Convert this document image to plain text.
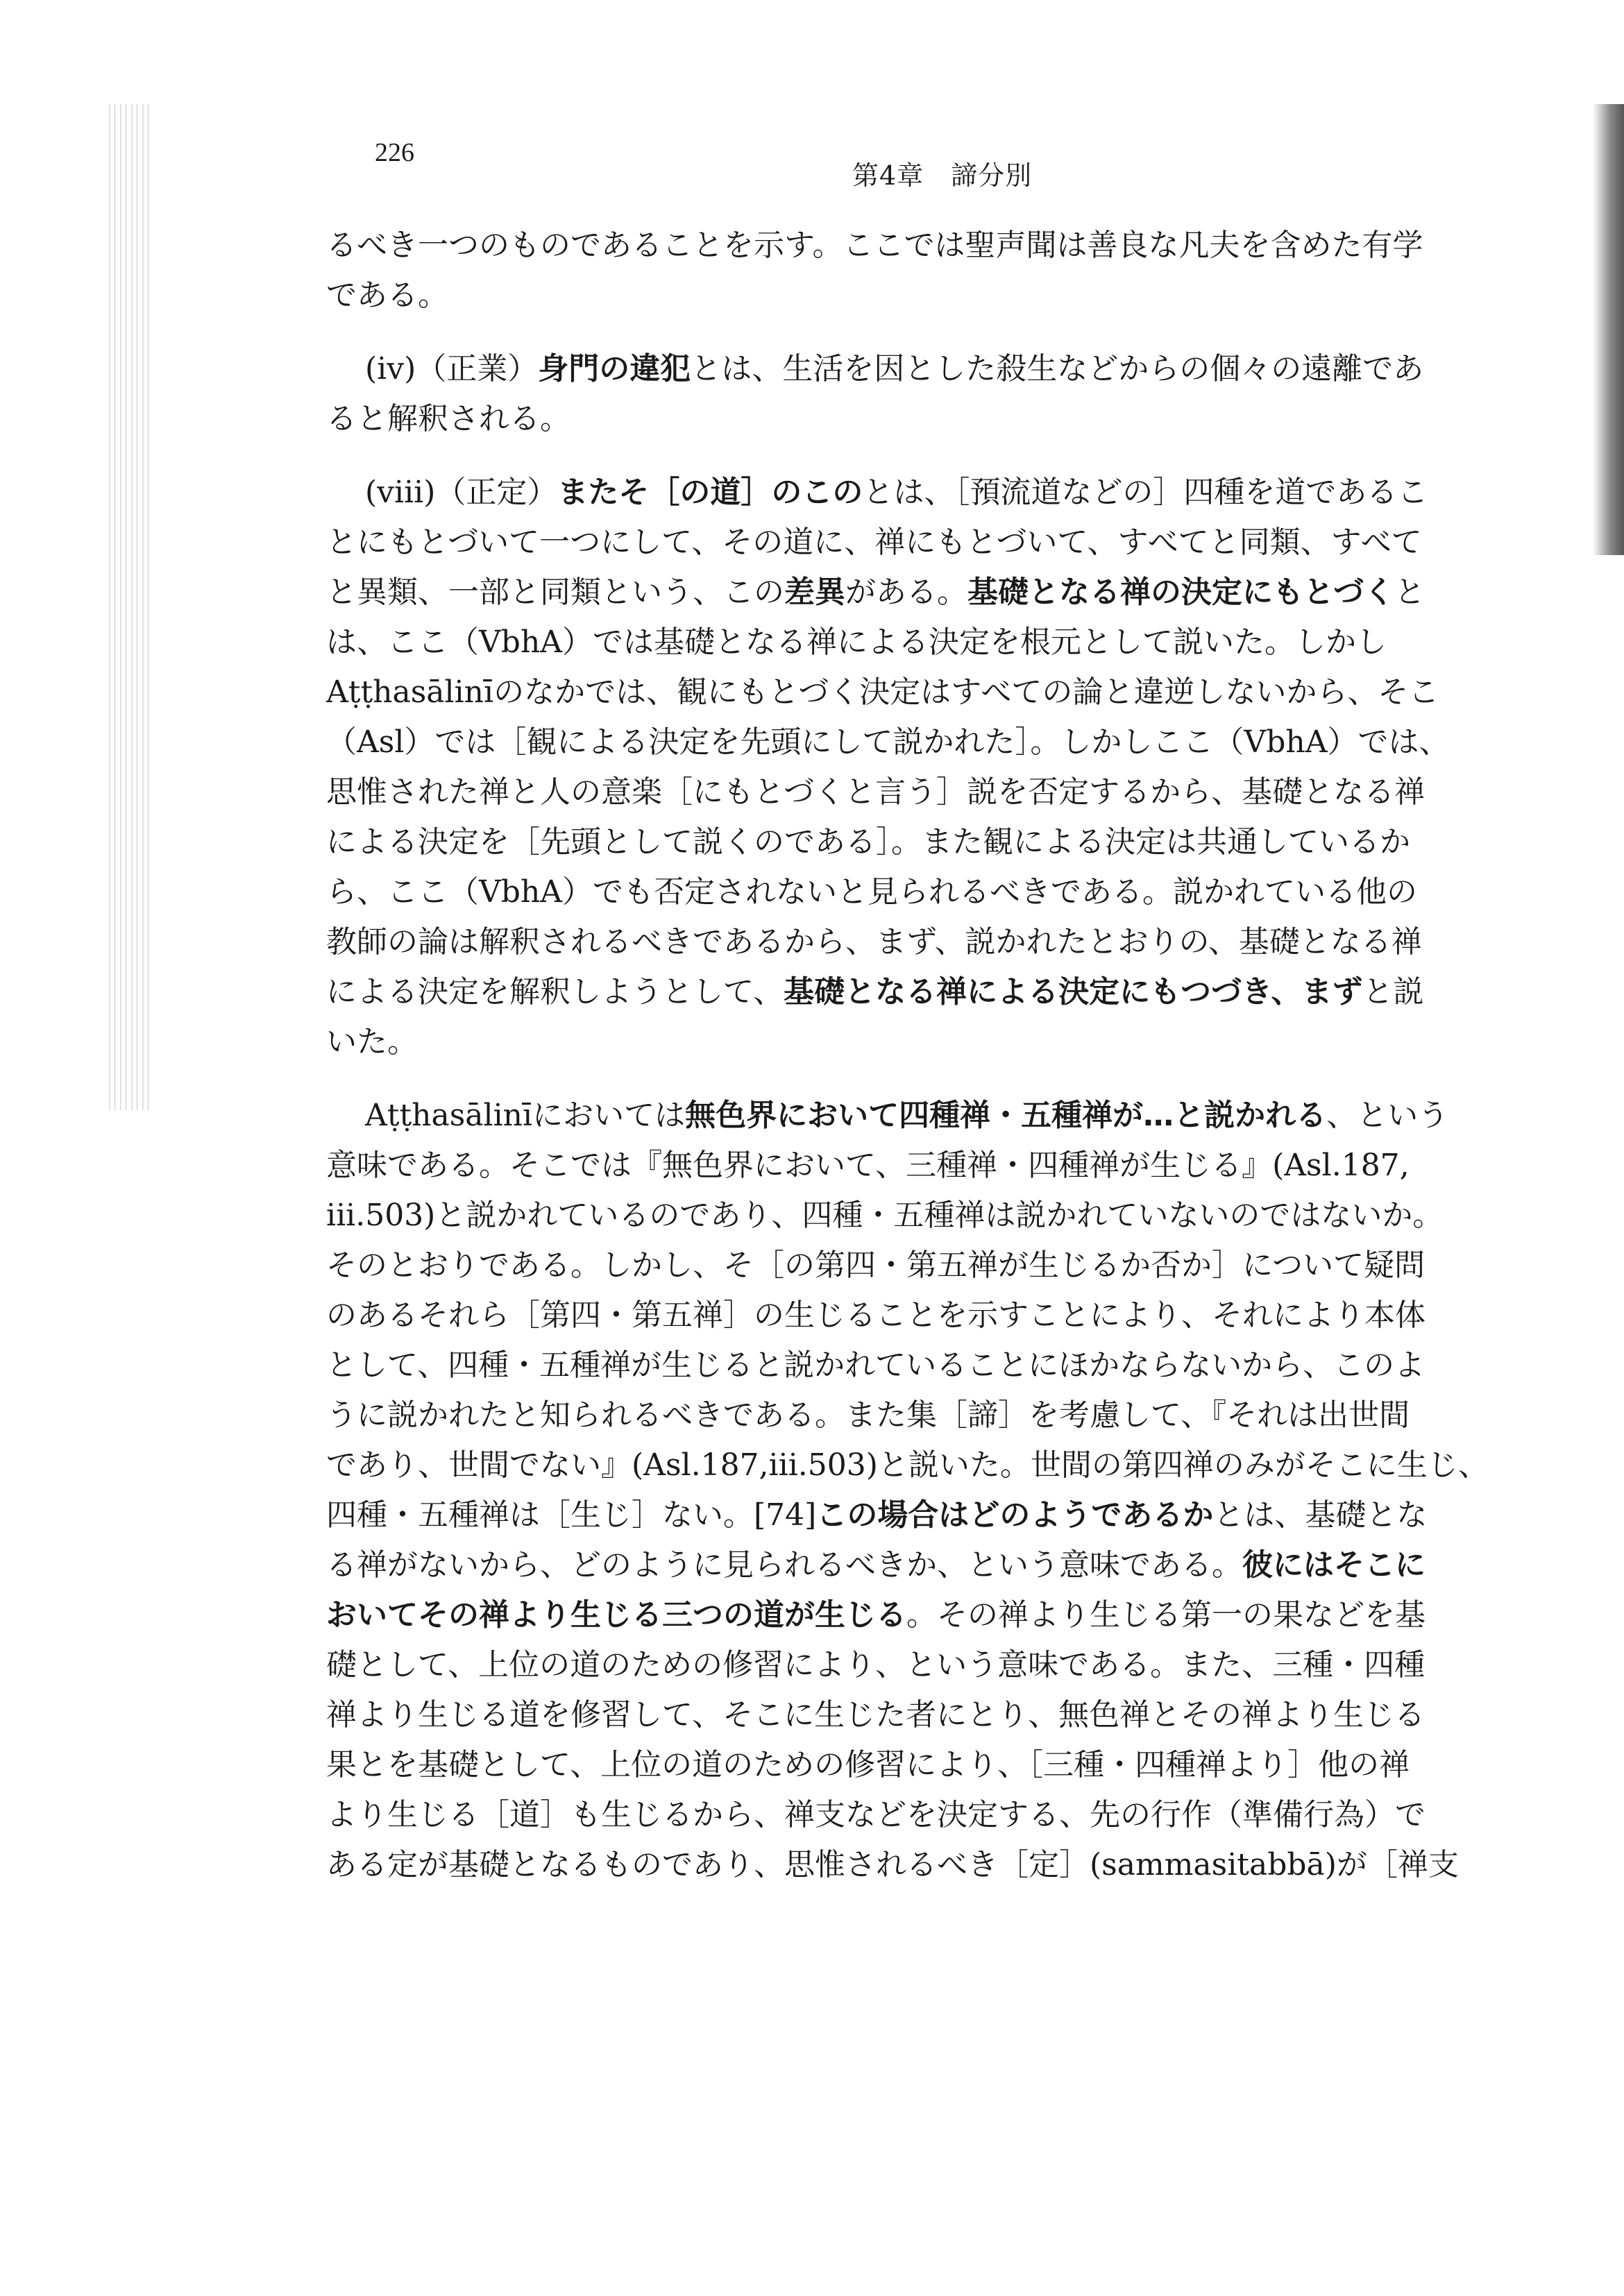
226
第4章　諦分別
るべき一つのものであることを示す。ここでは聖声聞は善良な凡夫を含めた有学
である。
(iv)（正業）身門の違犯とは、生活を因とした殺生などからの個々の遠離であ
ると解釈される。
(viii)（正定）またそ［の道］のこのとは、［預流道などの］四種を道であるこ
とにもとづいて一つにして、その道に、禅にもとづいて、すべてと同類、すべて
と異類、一部と同類という、この差異がある。基礎となる禅の決定にもとづくと
は、ここ（VbhA）では基礎となる禅による決定を根元として説いた。しかし
Aṭṭhasālinīのなかでは、観にもとづく決定はすべての論と違逆しないから、そこ
（Asl）では［観による決定を先頭にして説かれた］。しかしここ（VbhA）では、
思惟された禅と人の意楽［にもとづくと言う］説を否定するから、基礎となる禅
による決定を［先頭として説くのである］。また観による決定は共通しているか
ら、ここ（VbhA）でも否定されないと見られるべきである。説かれている他の
教師の論は解釈されるべきであるから、まず、説かれたとおりの、基礎となる禅
による決定を解釈しようとして、基礎となる禅による決定にもつづき、まずと説
いた。
Aṭṭhasālinīにおいては無色界において四種禅・五種禅が…と説かれる、という
意味である。そこでは『無色界において、三種禅・四種禅が生じる』(Asl.187,
iii.503)と説かれているのであり、四種・五種禅は説かれていないのではないか。
そのとおりである。しかし、そ［の第四・第五禅が生じるか否か］について疑問
のあるそれら［第四・第五禅］の生じることを示すことにより、それにより本体
として、四種・五種禅が生じると説かれていることにほかならないから、このよ
うに説かれたと知られるべきである。また集［諦］を考慮して、『それは出世間
であり、世間でない』(Asl.187,iii.503)と説いた。世間の第四禅のみがそこに生じ、
四種・五種禅は［生じ］ない。[74]この場合はどのようであるかとは、基礎とな
る禅がないから、どのように見られるべきか、という意味である。彼にはそこに
おいてその禅より生じる三つの道が生じる。その禅より生じる第一の果などを基
礎として、上位の道のための修習により、という意味である。また、三種・四種
禅より生じる道を修習して、そこに生じた者にとり、無色禅とその禅より生じる
果とを基礎として、上位の道のための修習により、［三種・四種禅より］他の禅
より生じる［道］も生じるから、禅支などを決定する、先の行作（準備行為）で
ある定が基礎となるものであり、思惟されるべき［定］(sammasitabbā)が［禅支
